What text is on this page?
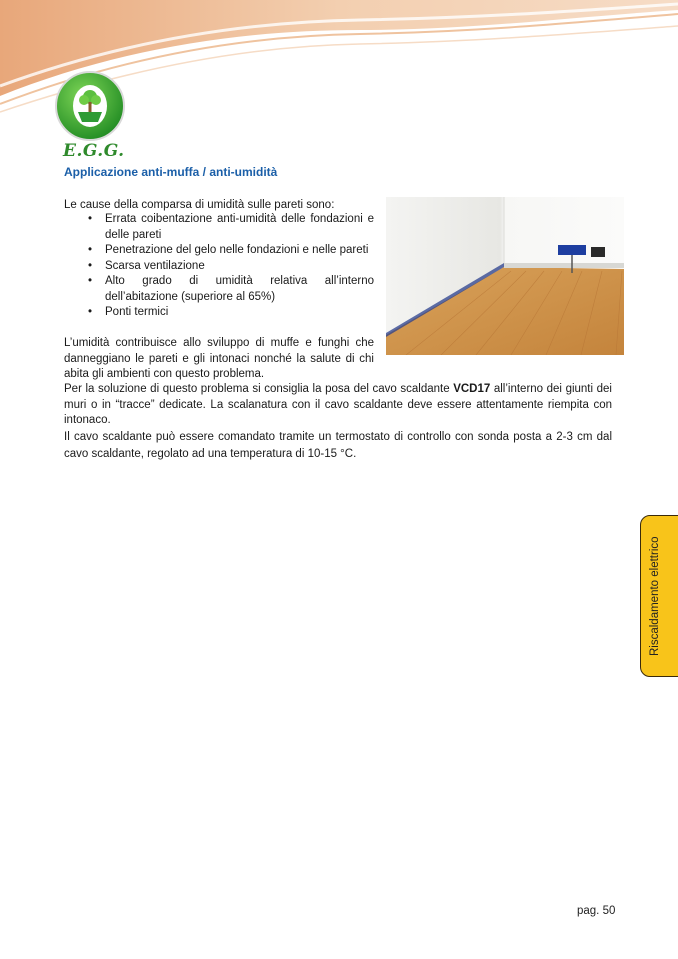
E.G.G.
Applicazione anti-muffa / anti-umidità
Le cause della comparsa di umidità sulle pareti sono:
• Errata coibentazione anti-umidità delle fondazioni e delle pareti
• Penetrazione del gelo nelle fondazioni e nelle pareti
• Scarsa ventilazione
• Alto grado di umidità relativa all’interno dell’abitazione (superiore al 65%)
• Ponti termici
L’umidità contribuisce allo sviluppo di muffe e funghi che danneggiano le pareti e gli intonaci nonché la salute di chi abita gli ambienti con questo problema.
Per la soluzione di questo problema si consiglia la posa del cavo scaldante VCD17 all’interno dei giunti dei muri o in “tracce” dedicate. La scalanatura con il cavo scaldante deve essere attentamente riempita con intonaco.
Il cavo scaldante può essere comandato tramite un termostato di controllo con sonda posta a 2-3 cm dal cavo scaldante, regolato ad una temperatura di 10-15 °C.
Riscaldamento elettrico
pag. 50
